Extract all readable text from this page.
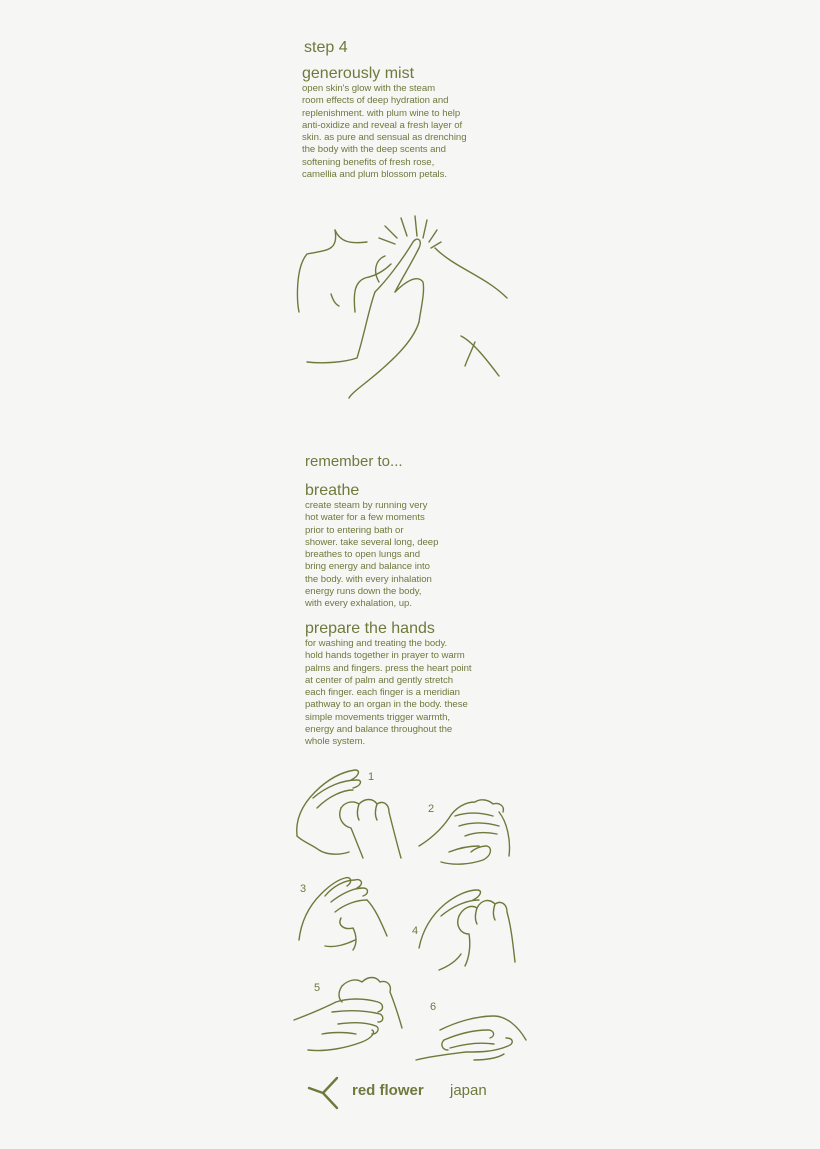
step 4
generously mist
open skin's glow with the steam
room effects of deep hydration and
replenishment. with plum wine to help
anti-oxidize and reveal a fresh layer of
skin. as pure and sensual as drenching
the body with the deep scents and
softening benefits of fresh rose,
camellia and plum blossom petals.
remember to...
breathe
create steam by running very
hot water for a few moments
prior to entering bath or
shower. take several long, deep
breathes to open lungs and
bring energy and balance into
the body. with every inhalation
energy runs down the body,
with every exhalation, up.
prepare the hands
for washing and treating the body.
hold hands together in prayer to warm
palms and fingers. press the heart point
at center of palm and gently stretch
each finger. each finger is a meridian
pathway to an organ in the body. these
simple movements trigger warmth,
energy and balance throughout the
whole system.
1
2
3
4
5
6
red flower japan
